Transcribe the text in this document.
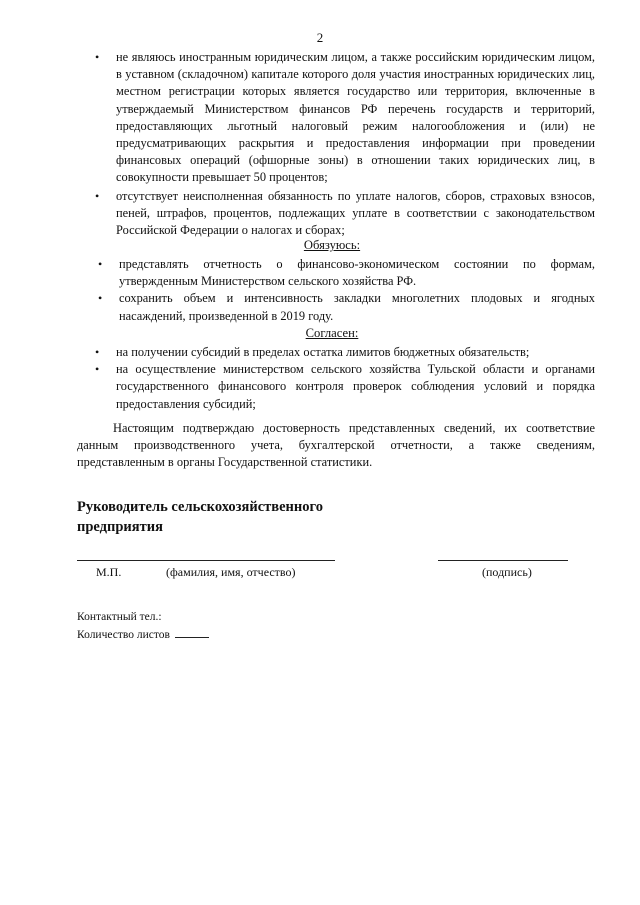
2
• не являюсь иностранным юридическим лицом, а также российским юридическим лицом, в уставном (складочном) капитале которого доля участия иностранных юридических лиц, местном регистрации которых является государство или территория, включенные в утверждаемый Министерством финансов РФ перечень государств и территорий, предоставляющих льготный налоговый режим налогообложения и (или) не предусматривающих раскрытия и предоставления информации при проведении финансовых операций (офшорные зоны) в отношении таких юридических лиц, в совокупности превышает 50 процентов;
• отсутствует неисполненная обязанность по уплате налогов, сборов, страховых взносов, пеней, штрафов, процентов, подлежащих уплате в соответствии с законодательством Российской Федерации о налогах и сборах;
Обязуюсь:
• представлять отчетность о финансово-экономическом состоянии по формам, утвержденным Министерством сельского хозяйства РФ.
• сохранить объем и интенсивность закладки многолетних плодовых и ягодных насаждений, произведенной в 2019 году.
Согласен:
• на получении субсидий в пределах остатка лимитов бюджетных обязательств;
• на осуществление министерством сельского хозяйства Тульской области и органами государственного финансового контроля проверок соблюдения условий и порядка предоставления субсидий;
Настоящим подтверждаю достоверность представленных сведений, их соответствие данным производственного учета, бухгалтерской отчетности, а также сведениям, представленным в органы Государственной статистики.
Руководитель сельскохозяйственного
предприятия
М.П.	(фамилия, имя, отчество)	(подпись)
Контактный тел.:
Количество листов
